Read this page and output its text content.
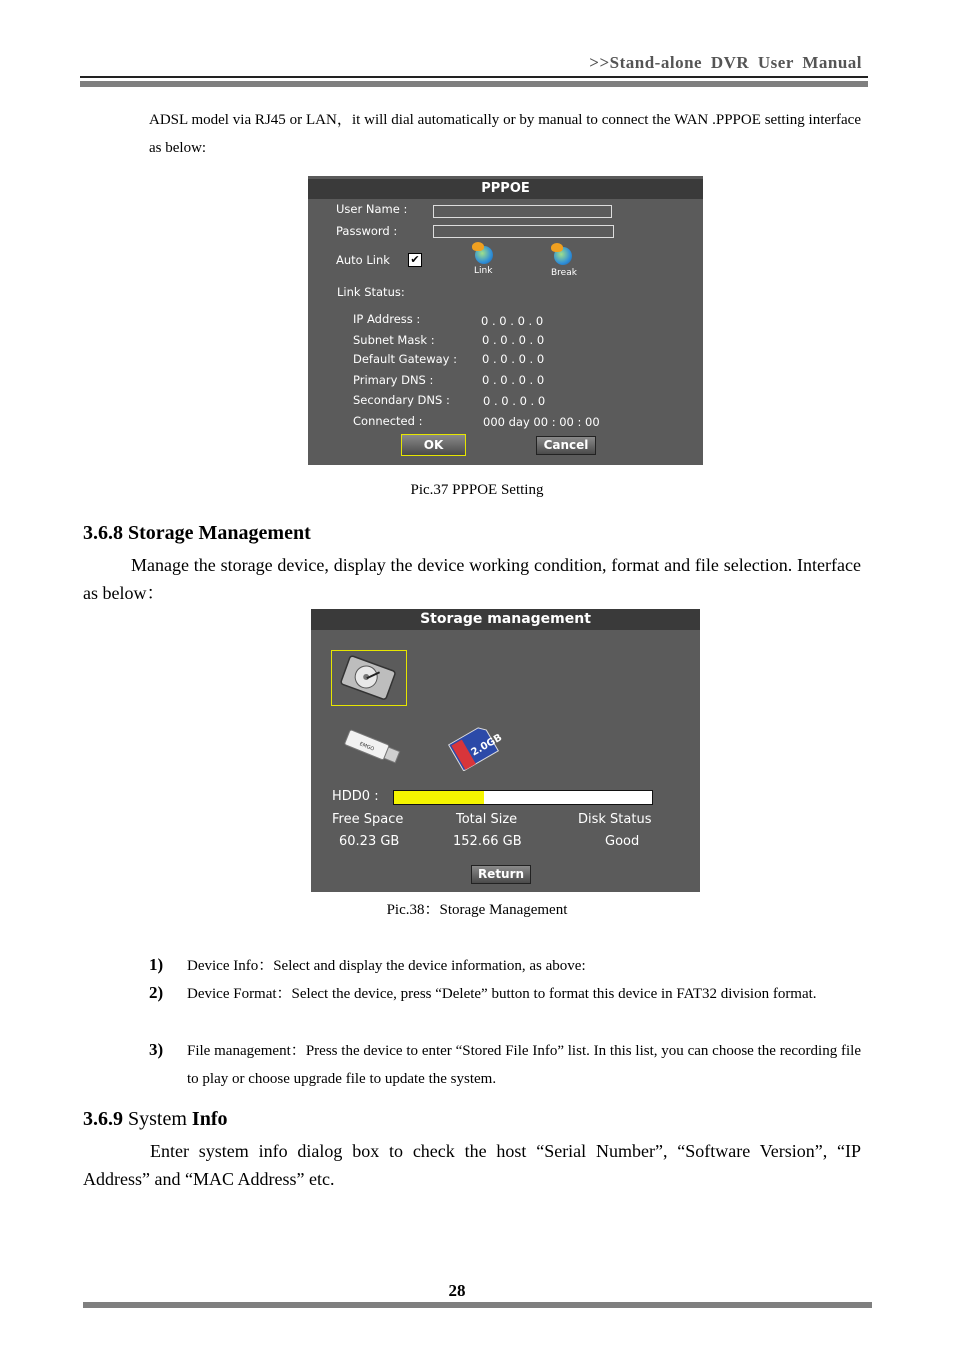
>>Stand-alone DVR User Manual
ADSL model via RJ45 or LAN，it will dial automatically or by manual to connect the WAN .PPPOE setting interface as below:
PPPOE
User Name :
Password :
Auto Link ✔
Link	Break
Link Status:
IP Address :	0 . 0 . 0 . 0
Subnet Mask :	0 . 0 . 0 . 0
Default Gateway : 0 . 0 . 0 . 0
Primary DNS :	0 . 0 . 0 . 0
Secondary DNS :	0 . 0 . 0 . 0
Connected :	000 day 00 : 00 : 00
OK	Cancel
Pic.37 PPPOE Setting
3.6.8 Storage Management
Manage the storage device, display the device working condition, format and file selection. Interface as below：
Storage management
EMGO	2.0GB
HDD0 :
Free Space	Total Size	Disk Status
60.23 GB	152.66 GB	Good
Return
Pic.38：Storage Management
1) Device Info：Select and display the device information, as above:
2) Device Format：Select the device, press “Delete” button to format this device in FAT32 division format.
3) File management：Press the device to enter “Stored File Info” list. In this list, you can choose the recording file to play or choose upgrade file to update the system.
3.6.9 System Info
Enter system info dialog box to check the host “Serial Number”, “Software Version”, “IP Address” and “MAC Address” etc.
28
